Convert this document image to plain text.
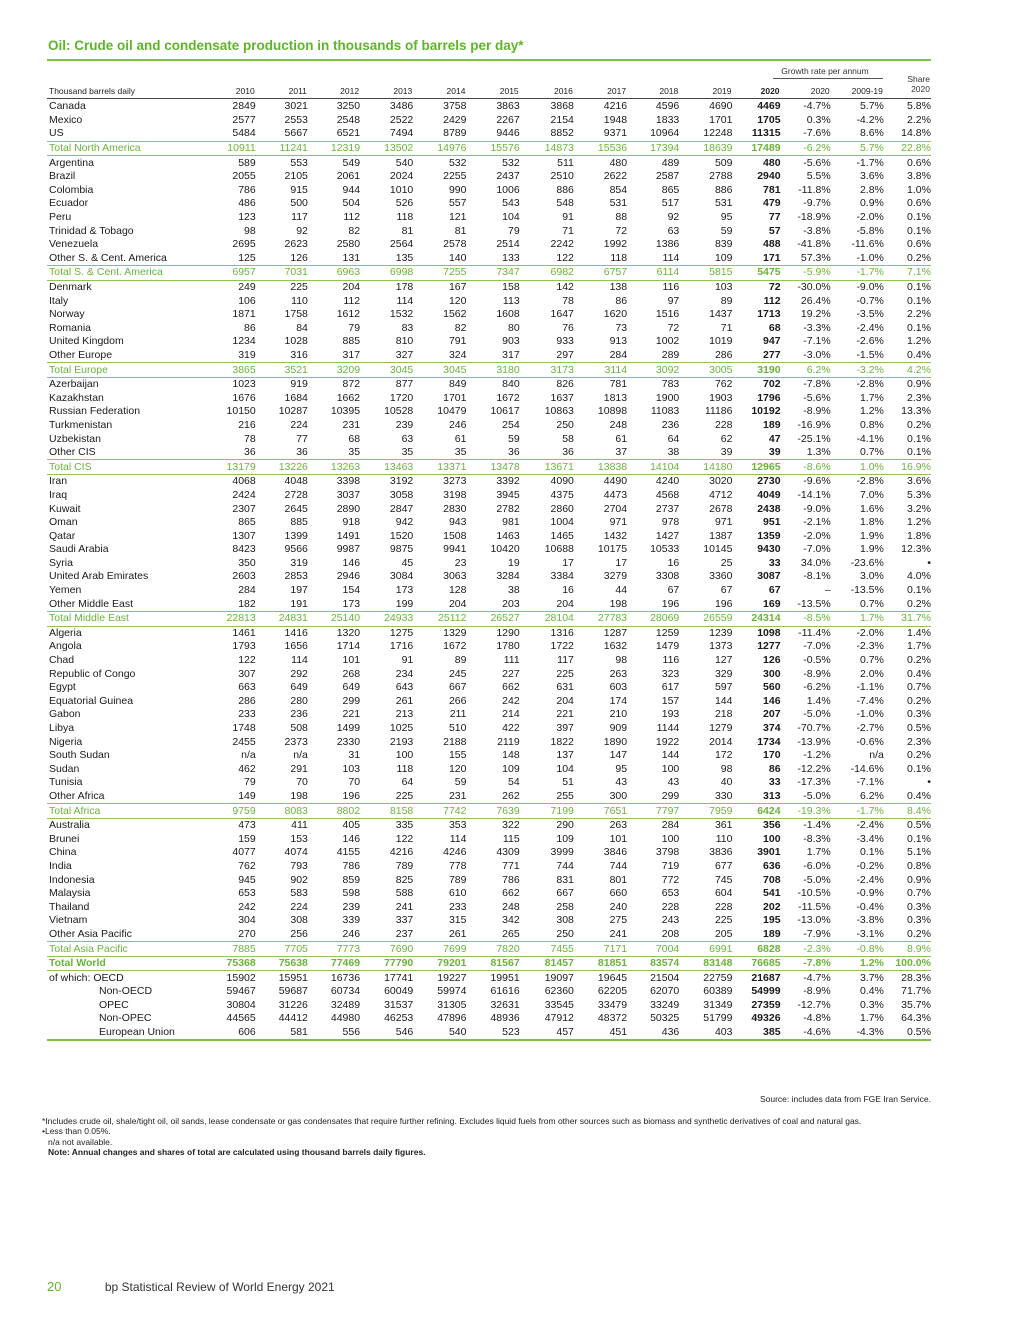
Oil: Crude oil and condensate production in thousands of barrels per day*
Growth rate per annum
Share
2020
Thousand barrels daily	2010	2011	2012	2013	2014	2015	2016	2017	2018	2019	2020	2020	2009-19	
Canada	2849	3021	3250	3486	3758	3863	3868	4216	4596	4690	4469	-4.7%	5.7%	5.8%	
Mexico	2577	2553	2548	2522	2429	2267	2154	1948	1833	1701	1705	0.3%	-4.2%	2.2%	
US	5484	5667	6521	7494	8789	9446	8852	9371	10964	12248	11315	-7.6%	8.6%	14.8%	
Total North America	10911	11241	12319	13502	14976	15576	14873	15536	17394	18639	17489	-6.2%	5.7%	22.8%	
Argentina	589	553	549	540	532	532	511	480	489	509	480	-5.6%	-1.7%	0.6%	
Brazil	2055	2105	2061	2024	2255	2437	2510	2622	2587	2788	2940	5.5%	3.6%	3.8%	
Colombia	786	915	944	1010	990	1006	886	854	865	886	781	-11.8%	2.8%	1.0%	
Ecuador	486	500	504	526	557	543	548	531	517	531	479	-9.7%	0.9%	0.6%	
Peru	123	117	112	118	121	104	91	88	92	95	77	-18.9%	-2.0%	0.1%	
Trinidad & Tobago	98	92	82	81	81	79	71	72	63	59	57	-3.8%	-5.8%	0.1%	
Venezuela	2695	2623	2580	2564	2578	2514	2242	1992	1386	839	488	-41.8%	-11.6%	0.6%	
Other S. & Cent. America	125	126	131	135	140	133	122	118	114	109	171	57.3%	-1.0%	0.2%	
Total S. & Cent. America	6957	7031	6963	6998	7255	7347	6982	6757	6114	5815	5475	-5.9%	-1.7%	7.1%	
Denmark	249	225	204	178	167	158	142	138	116	103	72	-30.0%	-9.0%	0.1%	
Italy	106	110	112	114	120	113	78	86	97	89	112	26.4%	-0.7%	0.1%	
Norway	1871	1758	1612	1532	1562	1608	1647	1620	1516	1437	1713	19.2%	-3.5%	2.2%	
Romania	86	84	79	83	82	80	76	73	72	71	68	-3.3%	-2.4%	0.1%	
United Kingdom	1234	1028	885	810	791	903	933	913	1002	1019	947	-7.1%	-2.6%	1.2%	
Other Europe	319	316	317	327	324	317	297	284	289	286	277	-3.0%	-1.5%	0.4%	
Total Europe	3865	3521	3209	3045	3045	3180	3173	3114	3092	3005	3190	6.2%	-3.2%	4.2%	
Azerbaijan	1023	919	872	877	849	840	826	781	783	762	702	-7.8%	-2.8%	0.9%	
Kazakhstan	1676	1684	1662	1720	1701	1672	1637	1813	1900	1903	1796	-5.6%	1.7%	2.3%	
Russian Federation	10150	10287	10395	10528	10479	10617	10863	10898	11083	11186	10192	-8.9%	1.2%	13.3%	
Turkmenistan	216	224	231	239	246	254	250	248	236	228	189	-16.9%	0.8%	0.2%	
Uzbekistan	78	77	68	63	61	59	58	61	64	62	47	-25.1%	-4.1%	0.1%	
Other CIS	36	36	35	35	35	36	36	37	38	39	39	1.3%	0.7%	0.1%	
Total CIS	13179	13226	13263	13463	13371	13478	13671	13838	14104	14180	12965	-8.6%	1.0%	16.9%	
Iran	4068	4048	3398	3192	3273	3392	4090	4490	4240	3020	2730	-9.6%	-2.8%	3.6%	
Iraq	2424	2728	3037	3058	3198	3945	4375	4473	4568	4712	4049	-14.1%	7.0%	5.3%	
Kuwait	2307	2645	2890	2847	2830	2782	2860	2704	2737	2678	2438	-9.0%	1.6%	3.2%	
Oman	865	885	918	942	943	981	1004	971	978	971	951	-2.1%	1.8%	1.2%	
Qatar	1307	1399	1491	1520	1508	1463	1465	1432	1427	1387	1359	-2.0%	1.9%	1.8%	
Saudi Arabia	8423	9566	9987	9875	9941	10420	10688	10175	10533	10145	9430	-7.0%	1.9%	12.3%	
Syria	350	319	146	45	23	19	17	17	16	25	33	34.0%	-23.6%	•	
United Arab Emirates	2603	2853	2946	3084	3063	3284	3384	3279	3308	3360	3087	-8.1%	3.0%	4.0%	
Yemen	284	197	154	173	128	38	16	44	67	67	67	–	-13.5%	0.1%	
Other Middle East	182	191	173	199	204	203	204	198	196	196	169	-13.5%	0.7%	0.2%	
Total Middle East	22813	24831	25140	24933	25112	26527	28104	27783	28069	26559	24314	-8.5%	1.7%	31.7%	
Algeria	1461	1416	1320	1275	1329	1290	1316	1287	1259	1239	1098	-11.4%	-2.0%	1.4%	
Angola	1793	1656	1714	1716	1672	1780	1722	1632	1479	1373	1277	-7.0%	-2.3%	1.7%	
Chad	122	114	101	91	89	111	117	98	116	127	126	-0.5%	0.7%	0.2%	
Republic of Congo	307	292	268	234	245	227	225	263	323	329	300	-8.9%	2.0%	0.4%	
Egypt	663	649	649	643	667	662	631	603	617	597	560	-6.2%	-1.1%	0.7%	
Equatorial Guinea	286	280	299	261	266	242	204	174	157	144	146	1.4%	-7.4%	0.2%	
Gabon	233	236	221	213	211	214	221	210	193	218	207	-5.0%	-1.0%	0.3%	
Libya	1748	508	1499	1025	510	422	397	909	1144	1279	374	-70.7%	-2.7%	0.5%	
Nigeria	2455	2373	2330	2193	2188	2119	1822	1890	1922	2014	1734	-13.9%	-0.6%	2.3%	
South Sudan	n/a	n/a	31	100	155	148	137	147	144	172	170	-1.2%	n/a	0.2%	
Sudan	462	291	103	118	120	109	104	95	100	98	86	-12.2%	-14.6%	0.1%	
Tunisia	79	70	70	64	59	54	51	43	43	40	33	-17.3%	-7.1%	•	
Other Africa	149	198	196	225	231	262	255	300	299	330	313	-5.0%	6.2%	0.4%	
Total Africa	9759	8083	8802	8158	7742	7639	7199	7651	7797	7959	6424	-19.3%	-1.7%	8.4%	
Australia	473	411	405	335	353	322	290	263	284	361	356	-1.4%	-2.4%	0.5%	
Brunei	159	153	146	122	114	115	109	101	100	110	100	-8.3%	-3.4%	0.1%	
China	4077	4074	4155	4216	4246	4309	3999	3846	3798	3836	3901	1.7%	0.1%	5.1%	
India	762	793	786	789	778	771	744	744	719	677	636	-6.0%	-0.2%	0.8%	
Indonesia	945	902	859	825	789	786	831	801	772	745	708	-5.0%	-2.4%	0.9%	
Malaysia	653	583	598	588	610	662	667	660	653	604	541	-10.5%	-0.9%	0.7%	
Thailand	242	224	239	241	233	248	258	240	228	228	202	-11.5%	-0.4%	0.3%	
Vietnam	304	308	339	337	315	342	308	275	243	225	195	-13.0%	-3.8%	0.3%	
Other Asia Pacific	270	256	246	237	261	265	250	241	208	205	189	-7.9%	-3.1%	0.2%	
Total Asia Pacific	7885	7705	7773	7690	7699	7820	7455	7171	7004	6991	6828	-2.3%	-0.8%	8.9%	
Total World	75368	75638	77469	77790	79201	81567	81457	81851	83574	83148	76685	-7.8%	1.2%	100.0%	
of which: OECD	15902	15951	16736	17741	19227	19951	19097	19645	21504	22759	21687	-4.7%	3.7%	28.3%	
Non-OECD	59467	59687	60734	60049	59974	61616	62360	62205	62070	60389	54999	-8.9%	0.4%	71.7%	
OPEC	30804	31226	32489	31537	31305	32631	33545	33479	33249	31349	27359	-12.7%	0.3%	35.7%	
Non-OPEC	44565	44412	44980	46253	47896	48936	47912	48372	50325	51799	49326	-4.8%	1.7%	64.3%	
European Union	606	581	556	546	540	523	457	451	436	403	385	-4.6%	-4.3%	0.5%	
Source: includes data from FGE Iran Service.
*Includes crude oil, shale/tight oil, oil sands, lease condensate or gas condensates that require further refining. Excludes liquid fuels from other sources such as biomass and synthetic derivatives of coal and natural gas.
•Less than 0.05%.
n/a not available.
Note: Annual changes and shares of total are calculated using thousand barrels daily figures.
20	bp Statistical Review of World Energy 2021
